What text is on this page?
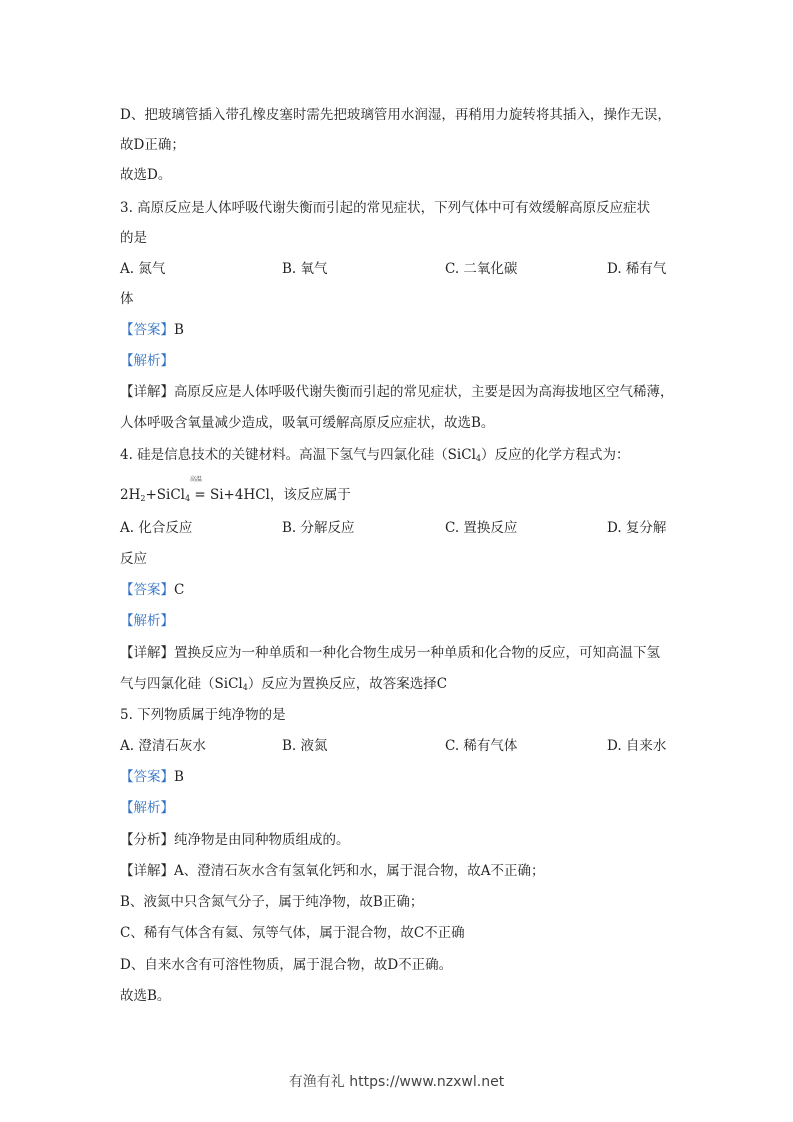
D、把玻璃管插入带孔橡皮塞时需先把玻璃管用水润湿，再稍用力旋转将其插入，操作无误，
故D正确；
故选D。
3. 高原反应是人体呼吸代谢失衡而引起的常见症状，下列气体中可有效缓解高原反应症状
的是
A. 氮气	B. 氧气	C. 二氧化碳	D. 稀有气
体
【答案】B
【解析】
【详解】高原反应是人体呼吸代谢失衡而引起的常见症状，主要是因为高海拔地区空气稀薄，
人体呼吸含氧量减少造成，吸氧可缓解高原反应症状，故选B。
4. 硅是信息技术的关键材料。高温下氢气与四氯化硅（SiCl$_4$）反应的化学方程式为：
高温
$2H_2+SiCl_4 = Si+4HCl$，该反应属于
A. 化合反应	B. 分解反应	C. 置换反应	D. 复分解
反应
【答案】C
【解析】
【详解】置换反应为一种单质和一种化合物生成另一种单质和化合物的反应，可知高温下氢
气与四氯化硅（SiCl$_4$）反应为置换反应，故答案选择C
5. 下列物质属于纯净物的是
A. 澄清石灰水	B. 液氮	C. 稀有气体	D. 自来水
【答案】B
【解析】
【分析】纯净物是由同种物质组成的。
【详解】A、澄清石灰水含有氢氧化钙和水，属于混合物，故A不正确；
B、液氮中只含氮气分子，属于纯净物，故B正确；
C、稀有气体含有氦、氖等气体，属于混合物，故C不正确
D、自来水含有可溶性物质，属于混合物，故D不正确。
故选B。
有渔有礼 https://www.nzxwl.net
